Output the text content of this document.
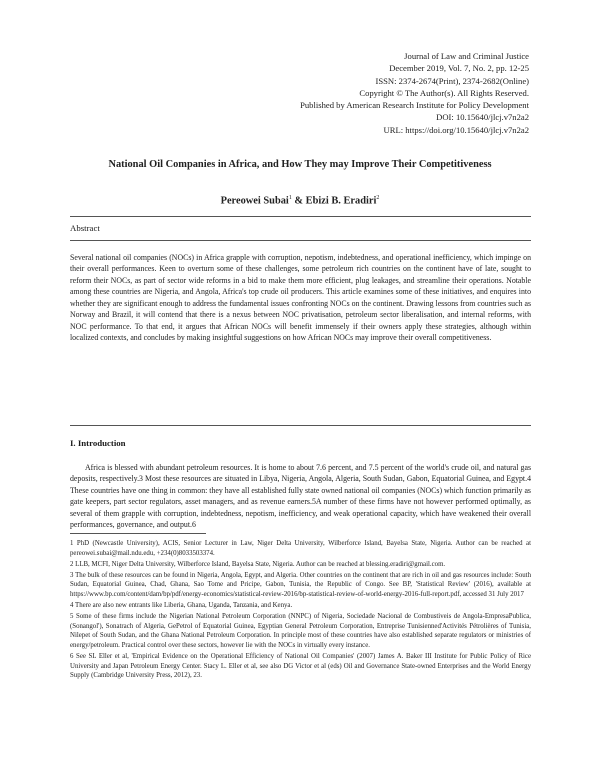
Journal of Law and Criminal Justice
December 2019, Vol. 7, No. 2, pp. 12-25
ISSN: 2374-2674(Print), 2374-2682(Online)
Copyright © The Author(s). All Rights Reserved.
Published by American Research Institute for Policy Development
DOI: 10.15640/jlcj.v7n2a2
URL: https://doi.org/10.15640/jlcj.v7n2a2
National Oil Companies in Africa, and How They may Improve Their Competitiveness
Pereowei Subai$^1$ & Ebizi B. Eradiri$^2$
Abstract
Several national oil companies (NOCs) in Africa grapple with corruption, nepotism, indebtedness, and operational inefficiency, which impinge on their overall performances. Keen to overturn some of these challenges, some petroleum rich countries on the continent have of late, sought to reform their NOCs, as part of sector wide reforms in a bid to make them more efficient, plug leakages, and streamline their operations. Notable among these countries are Nigeria, and Angola, Africa's top crude oil producers. This article examines some of these initiatives, and enquires into whether they are significant enough to address the fundamental issues confronting NOCs on the continent. Drawing lessons from countries such as Norway and Brazil, it will contend that there is a nexus between NOC privatisation, petroleum sector liberalisation, and internal reforms, with NOC performance. To that end, it argues that African NOCs will benefit immensely if their owners apply these strategies, although within localized contexts, and concludes by making insightful suggestions on how African NOCs may improve their overall competitiveness.
I. Introduction
Africa is blessed with abundant petroleum resources. It is home to about 7.6 percent, and 7.5 percent of the world's crude oil, and natural gas deposits, respectively.3 Most these resources are situated in Libya, Nigeria, Angola, Algeria, South Sudan, Gabon, Equatorial Guinea, and Egypt.4 These countries have one thing in common: they have all established fully state owned national oil companies (NOCs) which function primarily as gate keepers, part sector regulators, asset managers, and as revenue earners.5A number of these firms have not however performed optimally, as several of them grapple with corruption, indebtedness, nepotism, inefficiency, and weak operational capacity, which have weakened their overall performances, governance, and output.6
1 PhD (Newcastle University), ACIS, Senior Lecturer in Law, Niger Delta University, Wilberforce Island, Bayelsa State, Nigeria. Author can be reached at pereowei.subai@mail.ndu.edu, +234(0)8033503374.
2 LLB, MCFI, Niger Delta University, Wilberforce Island, Bayelsa State, Nigeria. Author can be reached at blessing.eradiri@gmail.com.
3 The bulk of these resources can be found in Nigeria, Angola, Egypt, and Algeria. Other countries on the continent that are rich in oil and gas resources include: South Sudan, Equatorial Guinea, Chad, Ghana, Sao Tome and Pricipe, Gabon, Tunisia, the Republic of Congo. See BP, 'Statistical Review' (2016), available at https://www.bp.com/content/dam/bp/pdf/energy-economics/statistical-review-2016/bp-statistical-review-of-world-energy-2016-full-report.pdf, accessed 31 July 2017
4 There are also new entrants like Liberia, Ghana, Uganda, Tanzania, and Kenya.
5 Some of these firms include the Nigerian National Petroleum Corporation (NNPC) of Nigeria, Sociedade Nacional de Combustiveis de Angola-EmpresaPublica, (Sonangol'), Sonatrach of Algeria, GePetrol of Equatorial Guinea, Egyptian General Petroleum Corporation, Entreprise Tunisienned'Activités Pétrolières of Tunisia, Nilepet of South Sudan, and the Ghana National Petroleum Corporation. In principle most of these countries have also established separate regulators or ministries of energy/petroleum. Practical control over these sectors, however lie with the NOCs in virtually every instance.
6 See SL Eller et al, 'Empirical Evidence on the Operational Efficiency of National Oil Companies' (2007) James A. Baker III Institute for Public Policy of Rice University and Japan Petroleum Energy Center. Stacy L. Eller et al, see also DG Victor et al (eds) Oil and Governance State-owned Enterprises and the World Energy Supply (Cambridge University Press, 2012), 23.
